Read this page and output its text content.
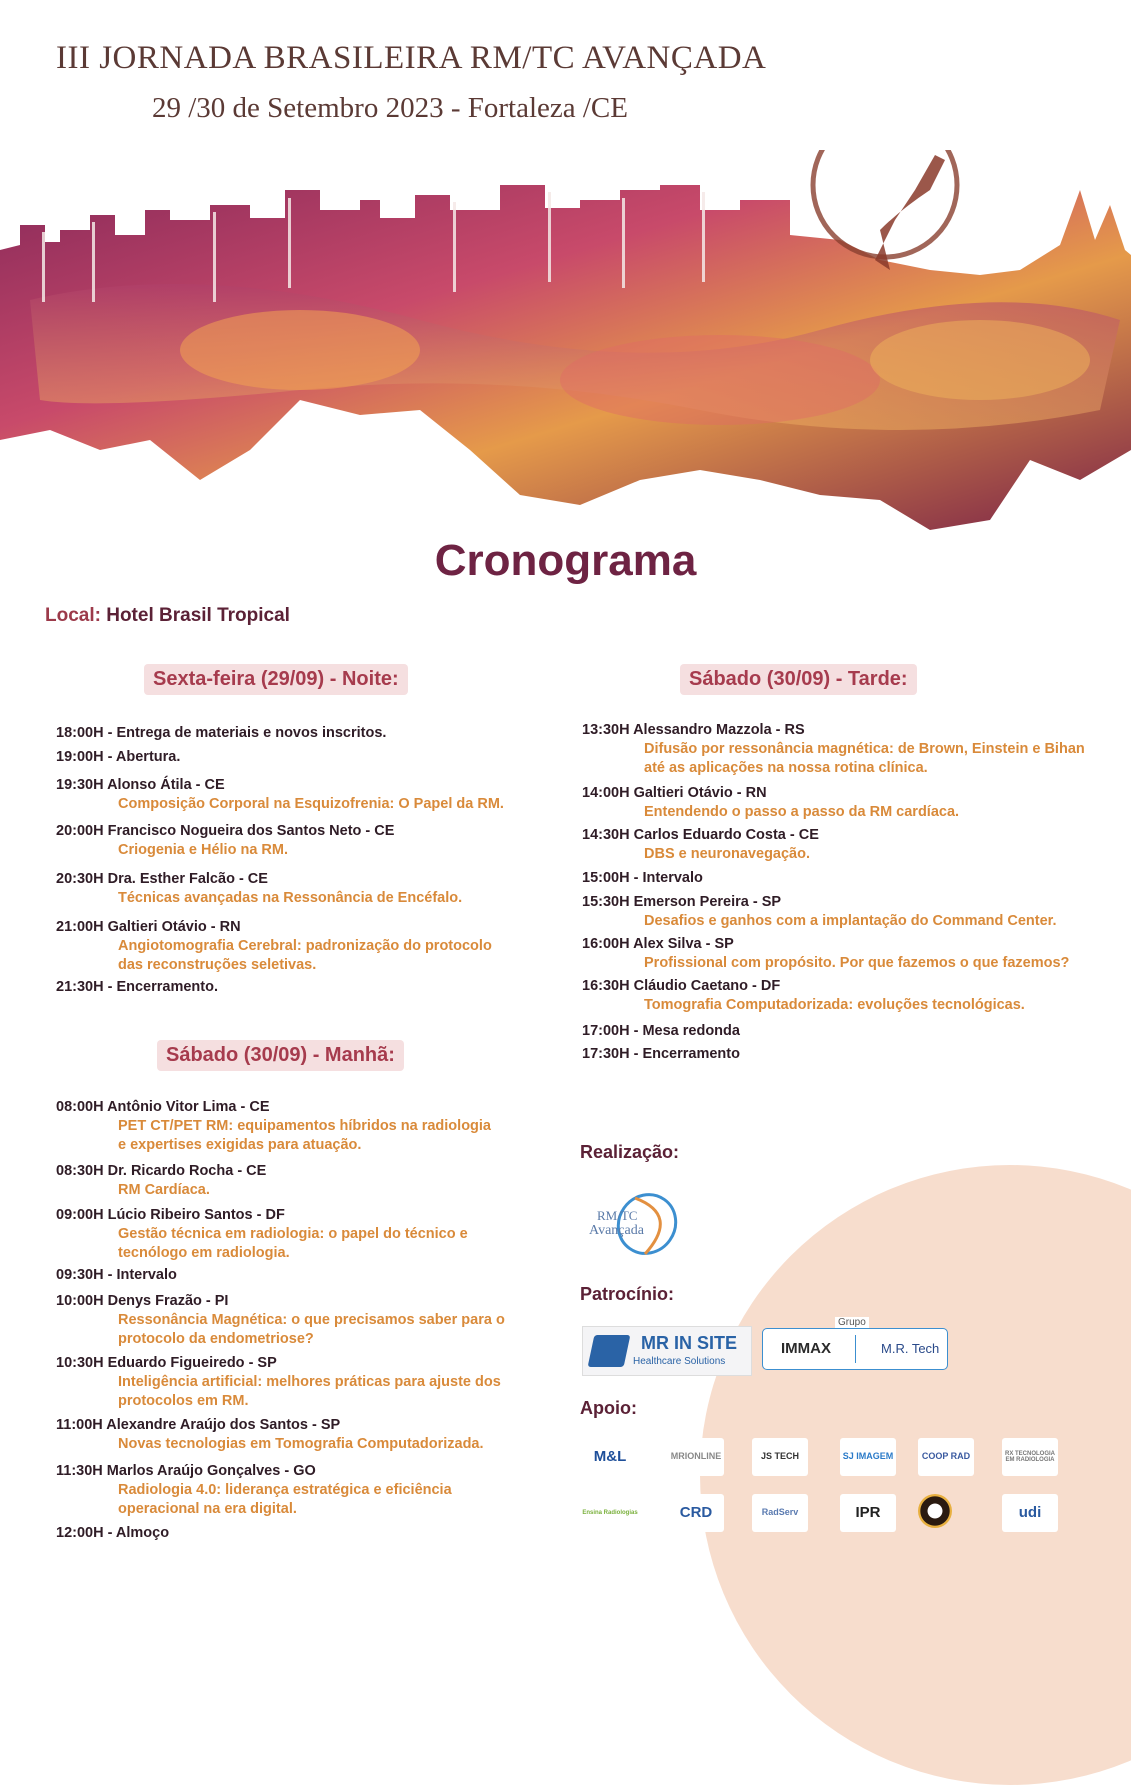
III JORNADA BRASILEIRA RM/TC AVANÇADA
29 /30 de Setembro 2023 - Fortaleza /CE
Cronograma
Local: Hotel Brasil Tropical
Sexta-feira (29/09) - Noite:
Sábado (30/09) - Manhã:
Sábado (30/09) - Tarde:
18:00H - Entrega de materiais e novos inscritos.
19:00H - Abertura.
19:30H Alonso Átila - CE
Composição Corporal na Esquizofrenia: O Papel da RM.
20:00H Francisco Nogueira dos Santos Neto - CE
Criogenia e Hélio na RM.
20:30H Dra. Esther Falcão - CE
Técnicas avançadas na Ressonância de Encéfalo.
21:00H Galtieri Otávio - RN
Angiotomografia Cerebral: padronização do protocolo
das reconstruções seletivas.
21:30H - Encerramento.
08:00H Antônio Vitor Lima - CE
PET CT/PET RM: equipamentos híbridos na radiologia
e expertises exigidas para atuação.
08:30H Dr. Ricardo Rocha - CE
RM Cardíaca.
09:00H Lúcio Ribeiro Santos - DF
Gestão técnica em radiologia: o papel do técnico e
tecnólogo em radiologia.
09:30H - Intervalo
10:00H Denys Frazão - PI
Ressonância Magnética: o que precisamos saber para o
protocolo da endometriose?
10:30H Eduardo Figueiredo - SP
Inteligência artificial: melhores práticas para ajuste dos
protocolos em RM.
11:00H Alexandre Araújo dos Santos - SP
Novas tecnologias em Tomografia Computadorizada.
11:30H Marlos Araújo Gonçalves - GO
Radiologia 4.0: liderança estratégica e eficiência
operacional na era digital.
12:00H - Almoço
13:30H Alessandro Mazzola - RS
Difusão por ressonância magnética: de Brown, Einstein e Bihan
até as aplicações na nossa rotina clínica.
14:00H Galtieri Otávio - RN
Entendendo o passo a passo da RM cardíaca.
14:30H Carlos Eduardo Costa - CE
DBS e neuronavegação.
15:00H - Intervalo
15:30H Emerson Pereira - SP
Desafios e ganhos com a implantação do Command Center.
16:00H Alex Silva - SP
Profissional com propósito. Por que fazemos o que fazemos?
16:30H Cláudio Caetano - DF
Tomografia Computadorizada: evoluções tecnológicas.
17:00H - Mesa redonda
17:30H - Encerramento
Realização:
RM/TC
Avançada
Patrocínio:
MR IN SITE
Healthcare Solutions
Grupo
IMMAX	M.R. Tech
Apoio:
M&L	MRIONLINE	JS TECH	SJ IMAGEM	COOP RAD	RX TECNOLOGIA EM RADIOLOGIA
Ensina Radiologias	CRD	RadServ	IPR	udi
